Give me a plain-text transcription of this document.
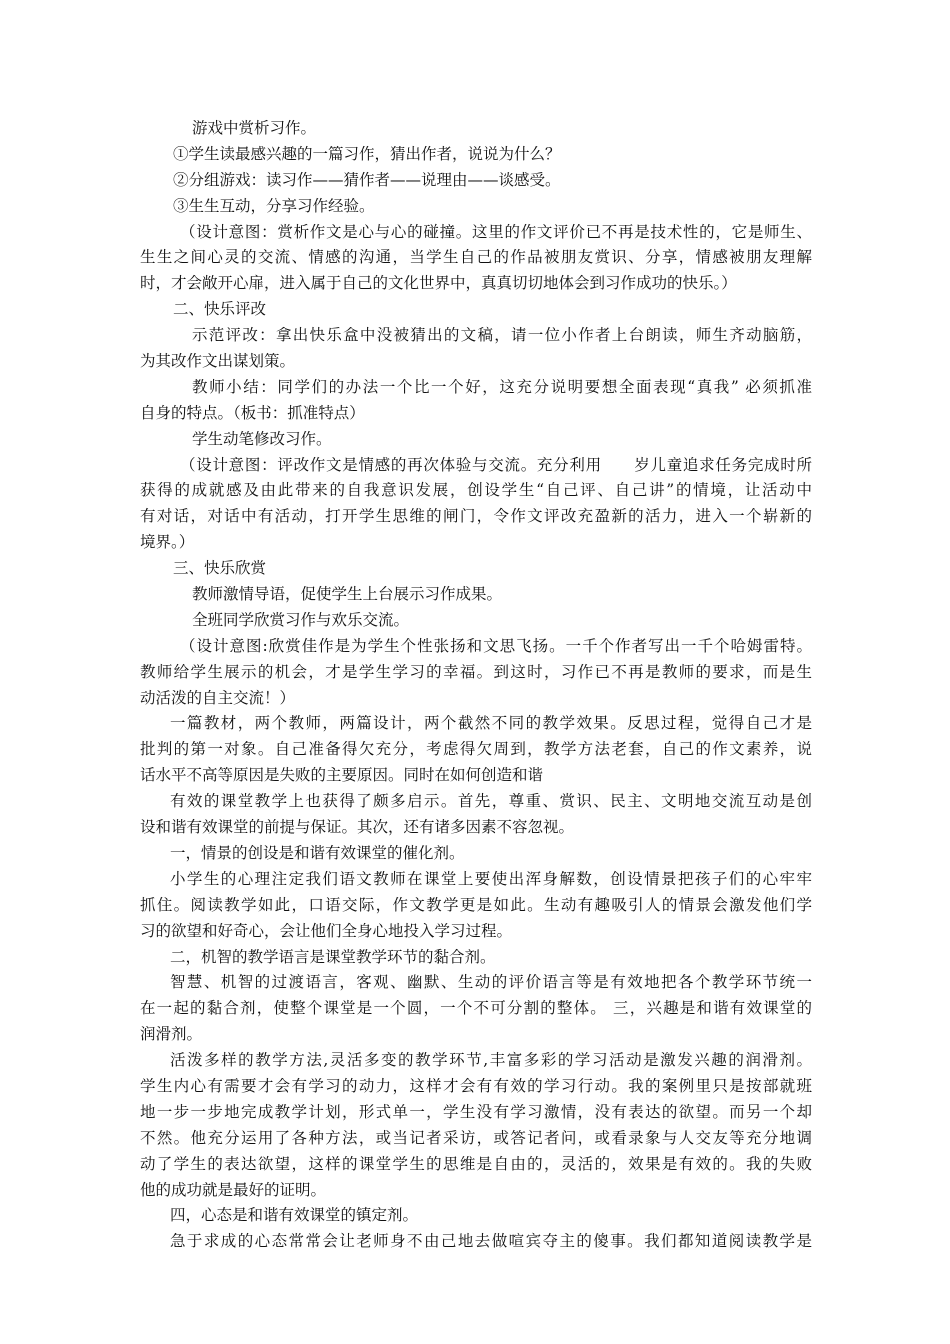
游戏中赏析习作。
①学生读最感兴趣的一篇习作，猜出作者，说说为什么？
②分组游戏：读习作——猜作者——说理由——谈感受。
③生生互动，分享习作经验。
（设计意图：赏析作文是心与心的碰撞。这里的作文评价已不再是技术性的，它是师生、
生生之间心灵的交流、情感的沟通，当学生自己的作品被朋友赏识、分享，情感被朋友理解
时，才会敞开心扉，进入属于自己的文化世界中，真真切切地体会到习作成功的快乐。）
二、快乐评改
示范评改：拿出快乐盒中没被猜出的文稿，请一位小作者上台朗读，师生齐动脑筋，
为其改作文出谋划策。
教师小结：同学们的办法一个比一个好，这充分说明要想全面表现“真我” 必须抓准
自身的特点。（板书：抓准特点）
学生动笔修改习作。
（设计意图：评改作文是情感的再次体验与交流。充分利用　　岁儿童追求任务完成时所
获得的成就感及由此带来的自我意识发展，创设学生“自己评、自己讲”的情境，让活动中
有对话，对话中有活动，打开学生思维的闸门，令作文评改充盈新的活力，进入一个崭新的
境界。）
三、快乐欣赏
教师激情导语，促使学生上台展示习作成果。
全班同学欣赏习作与欢乐交流。
（设计意图:欣赏佳作是为学生个性张扬和文思飞扬。一千个作者写出一千个哈姆雷特。
教师给学生展示的机会，才是学生学习的幸福。到这时，习作已不再是教师的要求，而是生
动活泼的自主交流！）
一篇教材，两个教师，两篇设计，两个截然不同的教学效果。反思过程，觉得自己才是
批判的第一对象。自己准备得欠充分，考虑得欠周到，教学方法老套，自己的作文素养，说
话水平不高等原因是失败的主要原因。同时在如何创造和谐
有效的课堂教学上也获得了颇多启示。首先，尊重、赏识、民主、文明地交流互动是创
设和谐有效课堂的前提与保证。其次，还有诸多因素不容忽视。
一，情景的创设是和谐有效课堂的催化剂。
小学生的心理注定我们语文教师在课堂上要使出浑身解数，创设情景把孩子们的心牢牢
抓住。阅读教学如此，口语交际，作文教学更是如此。生动有趣吸引人的情景会激发他们学
习的欲望和好奇心，会让他们全身心地投入学习过程。
二，机智的教学语言是课堂教学环节的黏合剂。
智慧、机智的过渡语言，客观、幽默、生动的评价语言等是有效地把各个教学环节统一
在一起的黏合剂，使整个课堂是一个圆，一个不可分割的整体。 三，兴趣是和谐有效课堂的
润滑剂。
活泼多样的教学方法,灵活多变的教学环节,丰富多彩的学习活动是激发兴趣的润滑剂。
学生内心有需要才会有学习的动力，这样才会有有效的学习行动。我的案例里只是按部就班
地一步一步地完成教学计划，形式单一，学生没有学习激情，没有表达的欲望。而另一个却
不然。他充分运用了各种方法，或当记者采访，或答记者问，或看录象与人交友等充分地调
动了学生的表达欲望，这样的课堂学生的思维是自由的，灵活的，效果是有效的。我的失败
他的成功就是最好的证明。
四，心态是和谐有效课堂的镇定剂。
急于求成的心态常常会让老师身不由己地去做喧宾夺主的傻事。我们都知道阅读教学是
